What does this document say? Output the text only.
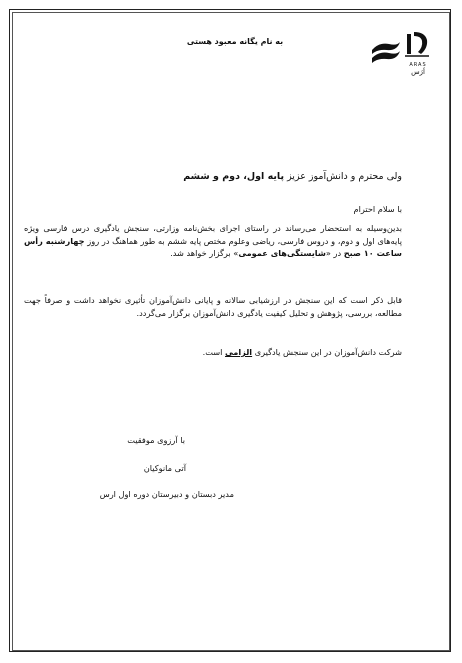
به نام یگانه معبود هستی
ARAS
اَرَس
ولی محترم و دانش‌آموز عزیز پایه اول، دوم و ششم
با سلام احترام
بدین‌وسیله به استحضار می‌رساند در راستای اجرای بخش‌نامه وزارتی، سنجش یادگیری درس فارسی ویژه پایه‌های اول و دوم، و دروس فارسی، ریاضی وعلوم مختص پایه ششم به طور هماهنگ در روز چهارشنبه رأس ساعت ۱۰ صبح در «شایستگی‌های عمومی» برگزار خواهد شد.
قابل ذکر است که این سنجش در ارزشیابی سالانه و پایانی دانش‌آموزان تأثیری نخواهد داشت و صرفاً جهت مطالعه، بررسی، پژوهش و تحلیل کیفیت یادگیری دانش‌آموزان برگزار می‌گردد.
شرکت دانش‌آموزان در این سنجش یادگیری الزامی است.
با آرزوی موفقیت
آتی مانوکیان
مدیر دبستان و دبیرستان دوره اول ارس
